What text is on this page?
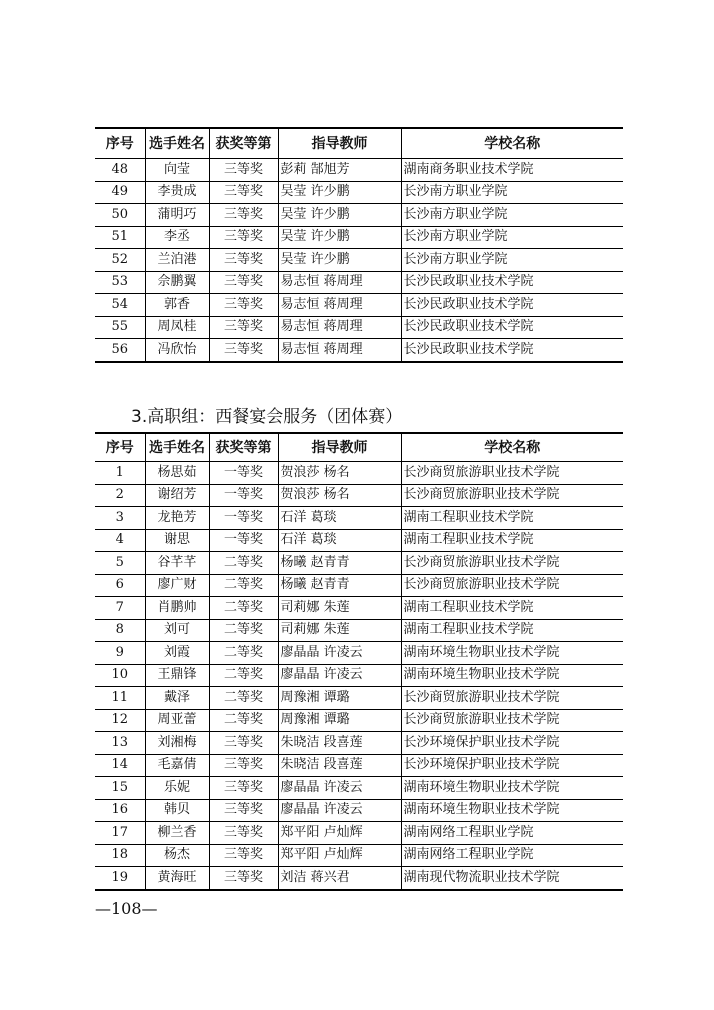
序号	选手姓名	获奖等第	指导教师	学校名称
48	向莹	三等奖	彭莉 郜旭芳	湖南商务职业技术学院
49	李贵成	三等奖	吴莹 许少鹏	长沙南方职业学院
50	蒲明巧	三等奖	吴莹 许少鹏	长沙南方职业学院
51	李丞	三等奖	吴莹 许少鹏	长沙南方职业学院
52	兰泊港	三等奖	吴莹 许少鹏	长沙南方职业学院
53	佘鹏翼	三等奖	易志恒 蒋周理	长沙民政职业技术学院
54	郭香	三等奖	易志恒 蒋周理	长沙民政职业技术学院
55	周凤桂	三等奖	易志恒 蒋周理	长沙民政职业技术学院
56	冯欣怡	三等奖	易志恒 蒋周理	长沙民政职业技术学院
3.高职组：西餐宴会服务（团体赛）
序号	选手姓名	获奖等第	指导教师	学校名称
1	杨思茹	一等奖	贺浪莎 杨名	长沙商贸旅游职业技术学院
2	谢绍芳	一等奖	贺浪莎 杨名	长沙商贸旅游职业技术学院
3	龙艳芳	一等奖	石洋 葛琰	湖南工程职业技术学院
4	谢思	一等奖	石洋 葛琰	湖南工程职业技术学院
5	谷芊芊	二等奖	杨曦 赵青青	长沙商贸旅游职业技术学院
6	廖广财	二等奖	杨曦 赵青青	长沙商贸旅游职业技术学院
7	肖鹏帅	二等奖	司莉娜 朱莲	湖南工程职业技术学院
8	刘可	二等奖	司莉娜 朱莲	湖南工程职业技术学院
9	刘霞	二等奖	廖晶晶 许凌云	湖南环境生物职业技术学院
10	王鼎锋	二等奖	廖晶晶 许凌云	湖南环境生物职业技术学院
11	戴泽	二等奖	周豫湘 谭璐	长沙商贸旅游职业技术学院
12	周亚蕾	二等奖	周豫湘 谭璐	长沙商贸旅游职业技术学院
13	刘湘梅	三等奖	朱晓洁 段喜莲	长沙环境保护职业技术学院
14	毛嘉倩	三等奖	朱晓洁 段喜莲	长沙环境保护职业技术学院
15	乐妮	三等奖	廖晶晶 许凌云	湖南环境生物职业技术学院
16	韩贝	三等奖	廖晶晶 许凌云	湖南环境生物职业技术学院
17	柳兰香	三等奖	郑平阳 卢灿辉	湖南网络工程职业学院
18	杨杰	三等奖	郑平阳 卢灿辉	湖南网络工程职业学院
19	黄海旺	三等奖	刘洁 蒋兴君	湖南现代物流职业技术学院
—108—
